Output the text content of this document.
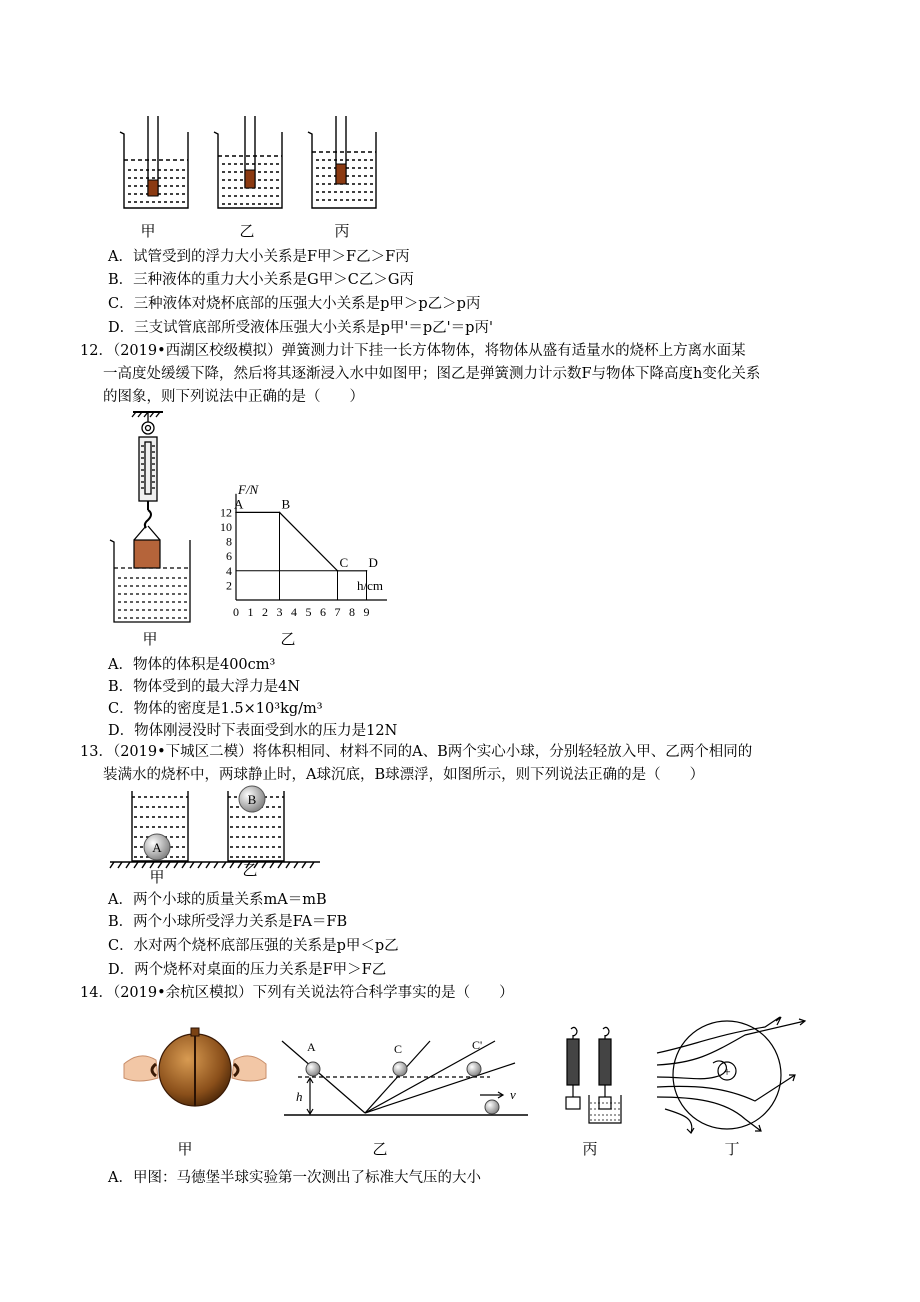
甲	乙	丙
A．试管受到的浮力大小关系是F甲＞F乙＞F丙
B．三种液体的重力大小关系是G甲＞C乙＞G丙
C．三种液体对烧杯底部的压强大小关系是p甲＞p乙＞p丙
D．三支试管底部所受液体压强大小关系是p甲'＝p乙'＝p丙'
12．（2019•西湖区校级模拟）弹簧测力计下挂一长方体物体，将物体从盛有适量水的烧杯上方离水面某
一高度处缓缓下降，然后将其逐渐浸入水中如图甲；图乙是弹簧测力计示数F与物体下降高度h变化关系
的图象，则下列说法中正确的是（　　）
甲
F/N
h/cm
2
4
6
8
10
12
0 1 2 3 4 5 6 7 8 9
A	B
C D
乙
A．物体的体积是400cm³
B．物体受到的最大浮力是4N
C．物体的密度是1.5×10³kg/m³
D．物体刚浸没时下表面受到水的压力是12N
13．（2019•下城区二模）将体积相同、材料不同的A、B两个实心小球，分别轻轻放入甲、乙两个相同的
装满水的烧杯中，两球静止时，A球沉底，B球漂浮，如图所示，则下列说法正确的是（　　）
A
B
甲	乙
A．两个小球的质量关系mA＝mB
B．两个小球所受浮力关系是FA＝FB
C．水对两个烧杯底部压强的关系是p甲＜p乙
D．两个烧杯对桌面的压力关系是F甲＞F乙
14．（2019•余杭区模拟）下列有关说法符合科学事实的是（　　）
甲
A	C	C'
h	v
乙	丙
+
丁
A．甲图：马德堡半球实验第一次测出了标准大气压的大小
